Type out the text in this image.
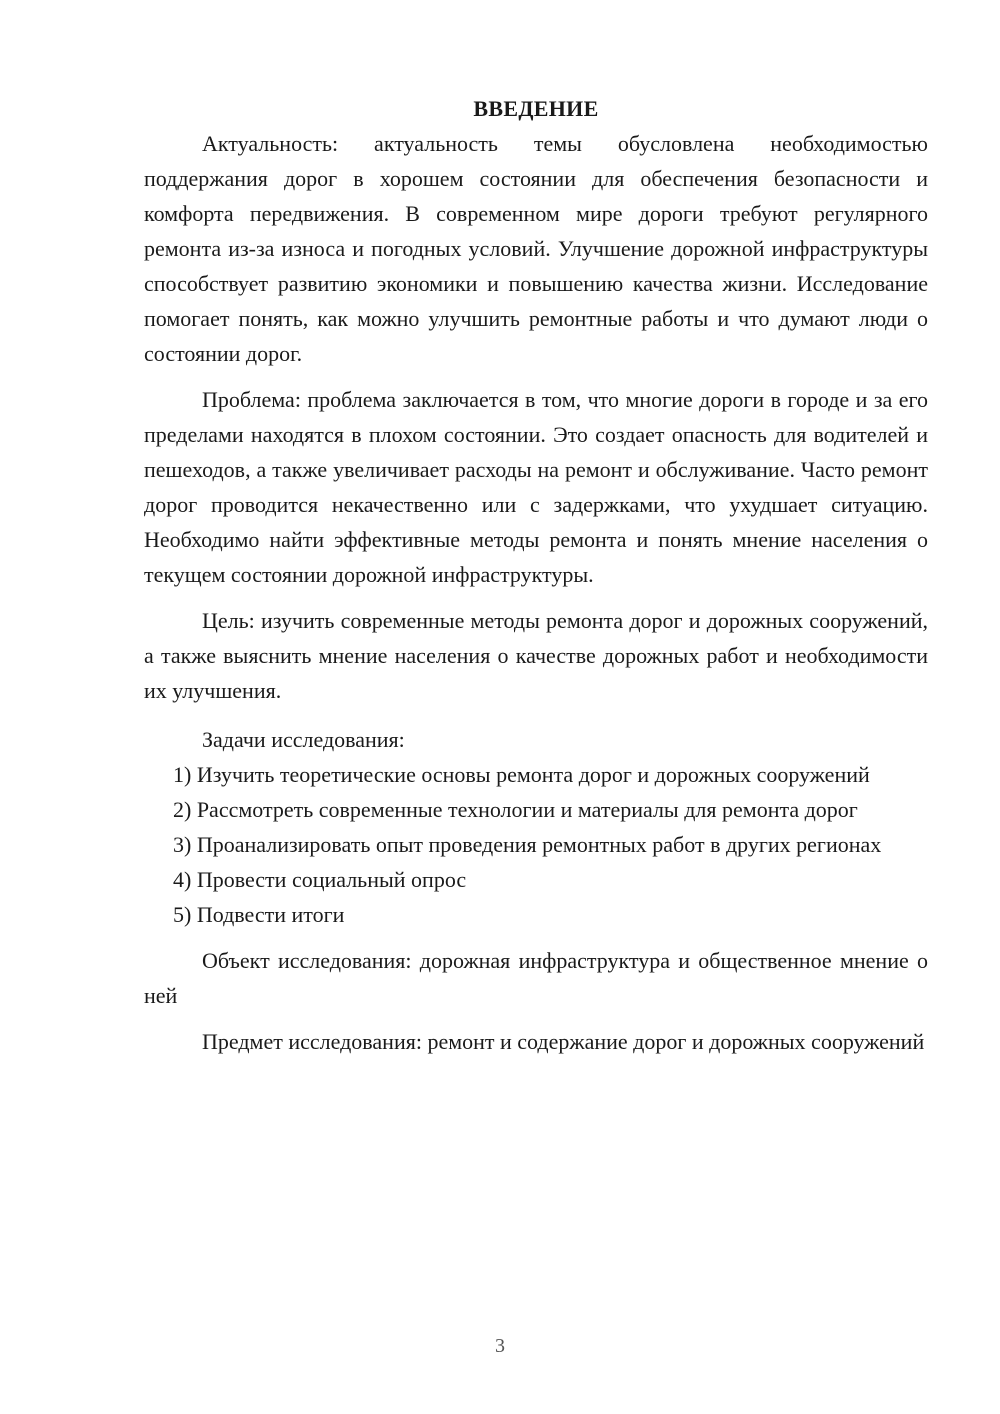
ВВЕДЕНИЕ

Актуальность: актуальность темы обусловлена необходимостью поддержания дорог в хорошем состоянии для обеспечения безопасности и комфорта передвижения. В современном мире дороги требуют регулярного ремонта из-за износа и погодных условий. Улучшение дорожной инфраструктуры способствует развитию экономики и повышению качества жизни. Исследование помогает понять, как можно улучшить ремонтные работы и что думают люди о состоянии дорог.

Проблема: проблема заключается в том, что многие дороги в городе и за его пределами находятся в плохом состоянии. Это создает опасность для водителей и пешеходов, а также увеличивает расходы на ремонт и обслуживание. Часто ремонт дорог проводится некачественно или с задержками, что ухудшает ситуацию. Необходимо найти эффективные методы ремонта и понять мнение населения о текущем состоянии дорожной инфраструктуры.

Цель: изучить современные методы ремонта дорог и дорожных сооружений, а также выяснить мнение населения о качестве дорожных работ и необходимости их улучшения.

Задачи исследования:

1) Изучить теоретические основы ремонта дорог и дорожных сооружений

2) Рассмотреть современные технологии и материалы для ремонта дорог

3) Проанализировать опыт проведения ремонтных работ в других регионах

4) Провести социальный опрос

5) Подвести итоги

Объект исследования: дорожная инфраструктура и общественное мнение о ней

Предмет исследования: ремонт и содержание дорог и дорожных сооружений

3
